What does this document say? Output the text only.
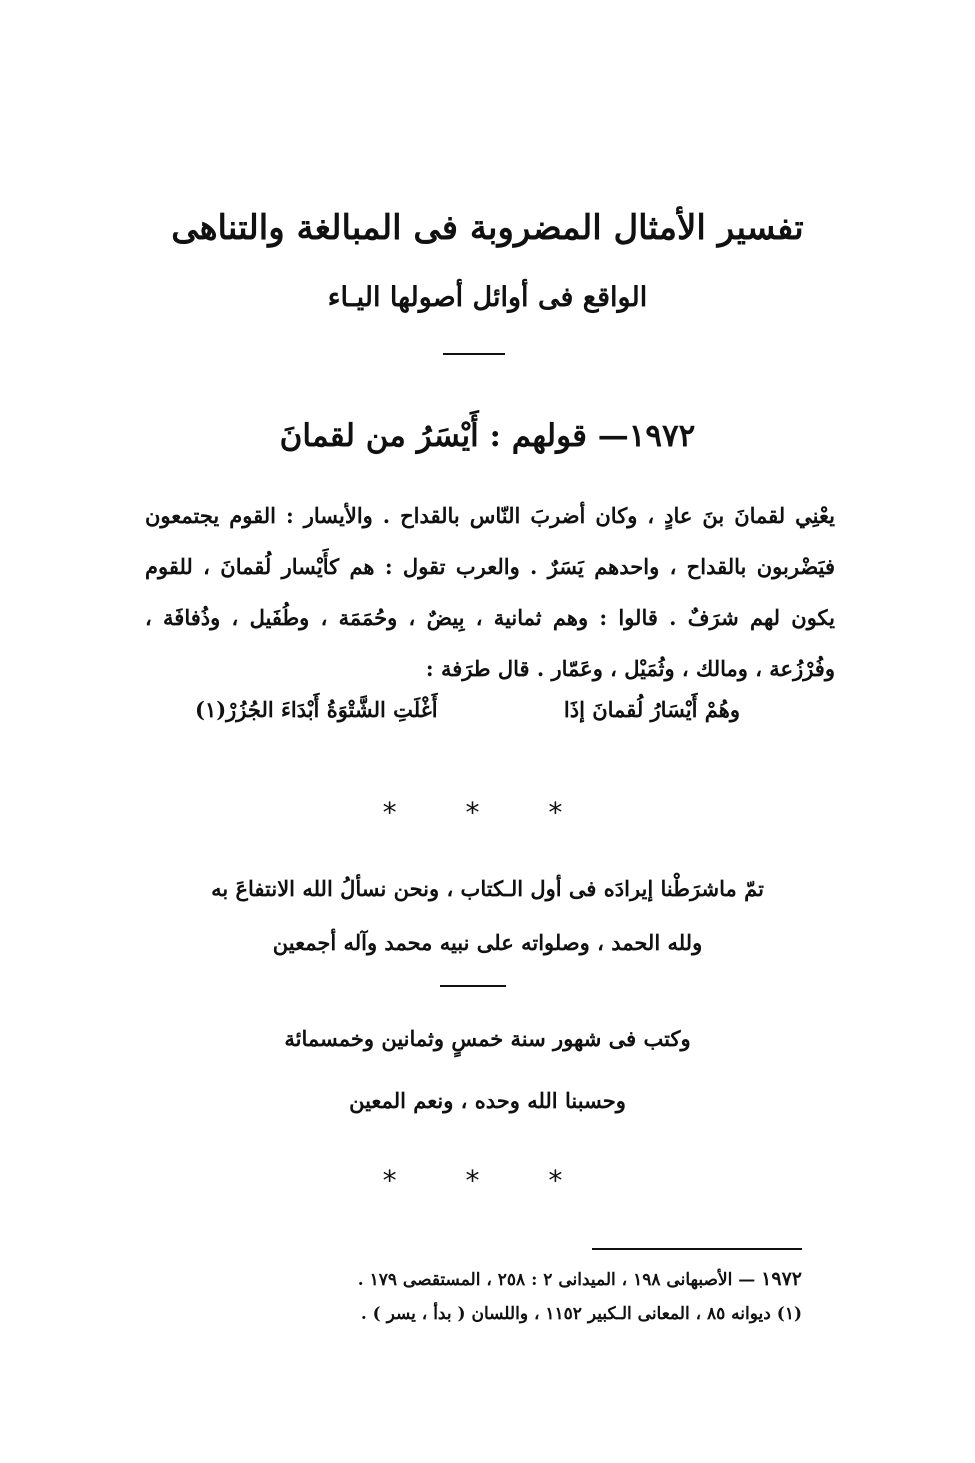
تفسير الأمثال المضروبة فى المبالغة والتناهى
الواقع فى أوائل أصولها اليـاء
١٩٧٢— قولهم : أَيْسَرُ من لقمانَ
يعْنِي لقمانَ بنَ عادٍ ، وكان أضربَ النّاس بالقداح . والأيسار : القوم يجتمعون فيَضْربون بالقداح ، واحدهم يَسَرٌ . والعرب تقول : هم كأَيْسار لُقمانَ ، للقوم يكون لهم شرَفٌ . قالوا : وهم ثمانية ، بِيضٌ ، وحُمَمَة ، وطُفَيل ، وذُفافَة ، وفُرْزُعة ، ومالك ، وثُمَيْل ، وعَمّار . قال طرَفة :
وهُمْ أَيْسَارُ لُقمانَ إذَا
أَغْلَتِ الشَّتْوَةُ أَبْدَاءَ الجُزُرْ(١)
* * *
تمّ ماشرَطْنا إيرادَه فى أول الـكتاب ، ونحن نسألُ الله الانتفاعَ به
ولله الحمد ، وصلواته على نبيه محمد وآله أجمعين
وكتب فى شهور سنة خمسٍ وثمانين وخمسمائة
وحسبنا الله وحده ، ونعم المعين
* * *
١٩٧٢ — الأصبهانى ١٩٨ ، الميدانى ٢ : ٢٥٨ ، المستقصى ١٧٩ .
(١) ديوانه ٨٥ ، المعانى الـكبير ١١٥٢ ، واللسان ( بدأ ، يسر ) .
